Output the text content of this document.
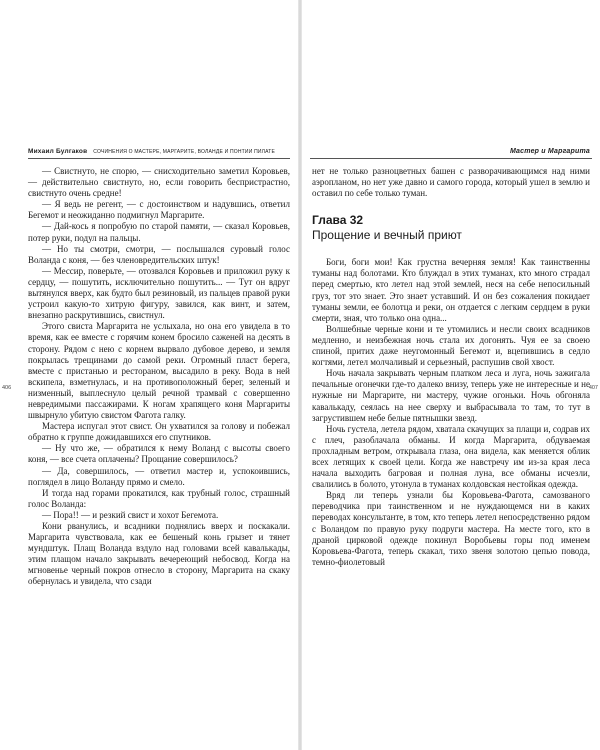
Михаил Булгаков СОЧИНЕНИЯ О МАСТЕРЕ, МАРГАРИТЕ, ВОЛАНДЕ И ПОНТИИ ПИЛАТЕ
406

— Свистнуто, не спорю, — снисходительно заметил Коровьев, — действительно свистнуто, но, если говорить беспристрастно, свистнуто очень средне!

— Я ведь не регент, — с достоинством и надувшись, ответил Бегемот и неожиданно подмигнул Маргарите.

— Дай-кось я попробую по старой памяти, — сказал Коровьев, потер руки, подул на пальцы.

— Но ты смотри, смотри, — послышался суровый голос Воланда с коня, — без членовредительских штук!

— Мессир, поверьте, — отозвался Коровьев и приложил руку к сердцу, — пошутить, исключительно пошутить... — Тут он вдруг вытянулся вверх, как будто был резиновый, из пальцев правой руки устроил какую-то хитрую фигуру, завился, как винт, и затем, внезапно раскрутившись, свистнул.

Этого свиста Маргарита не услыхала, но она его увидела в то время, как ее вместе с горячим конем бросило саженей на десять в сторону. Рядом с нею с корнем вырвало дубовое дерево, и земля покрылась трещинами до самой реки. Огромный пласт берега, вместе с пристанью и рестораном, высадило в реку. Вода в ней вскипела, взметнулась, и на противоположный берег, зеленый и низменный, выплеснуло целый речной трамвай с совершенно невредимыми пассажирами. К ногам храпящего коня Маргариты швырнуло убитую свистом Фагота галку.

Мастера испугал этот свист. Он ухватился за голову и побежал обратно к группе дожидавшихся его спутников.

— Ну что же, — обратился к нему Воланд с высоты своего коня, — все счета оплачены? Прощание совершилось?

— Да, совершилось, — ответил мастер и, успокоившись, поглядел в лицо Воланду прямо и смело.

И тогда над горами прокатился, как трубный голос, страшный голос Воланда:

— Пора!! — и резкий свист и хохот Бегемота.

Кони рванулись, и всадники поднялись вверх и поскакали. Маргарита чувствовала, как ее бешеный конь грызет и тянет мундштук. Плащ Воланда вздуло над головами всей кавалькады, этим плащом начало закрывать вечереющий небосвод. Когда на мгновенье черный покров отнесло в сторону, Маргарита на скаку обернулась и увидела, что сзади

Мастер и Маргарита
407

нет не только разноцветных башен с разворачивающимся над ними аэропланом, но нет уже давно и самого города, который ушел в землю и оставил по себе только туман.

Глава 32
Прощение и вечный приют

Боги, боги мои! Как грустна вечерняя земля! Как таинственны туманы над болотами. Кто блуждал в этих туманах, кто много страдал перед смертью, кто летел над этой землей, неся на себе непосильный груз, тот это знает. Это знает уставший. И он без сожаления покидает туманы земли, ее болотца и реки, он отдается с легким сердцем в руки смерти, зная, что только она одна...

Волшебные черные кони и те утомились и несли своих всадников медленно, и неизбежная ночь стала их догонять. Чуя ее за своею спиной, притих даже неугомонный Бегемот и, вцепившись в седло когтями, летел молчаливый и серьезный, распушив свой хвост.

Ночь начала закрывать черным платком леса и луга, ночь зажигала печальные огонечки где-то далеко внизу, теперь уже не интересные и не нужные ни Маргарите, ни мастеру, чужие огоньки. Ночь обгоняла кавалькаду, сеялась на нее сверху и выбрасывала то там, то тут в загрустившем небе белые пятнышки звезд.

Ночь густела, летела рядом, хватала скачущих за плащи и, содрав их с плеч, разоблачала обманы. И когда Маргарита, обдуваемая прохладным ветром, открывала глаза, она видела, как меняется облик всех летящих к своей цели. Когда же навстречу им из-за края леса начала выходить багровая и полная луна, все обманы исчезли, свалились в болото, утонула в туманах колдовская нестойкая одежда.

Вряд ли теперь узнали бы Коровьева-Фагота, самозваного переводчика при таинственном и не нуждающемся ни в каких переводах консультанте, в том, кто теперь летел непосредственно рядом с Воландом по правую руку подруги мастера. На месте того, кто в драной цирковой одежде покинул Воробьевы горы под именем Коровьева-Фагота, теперь скакал, тихо звеня золотою цепью повода, темно-фиолетовый
